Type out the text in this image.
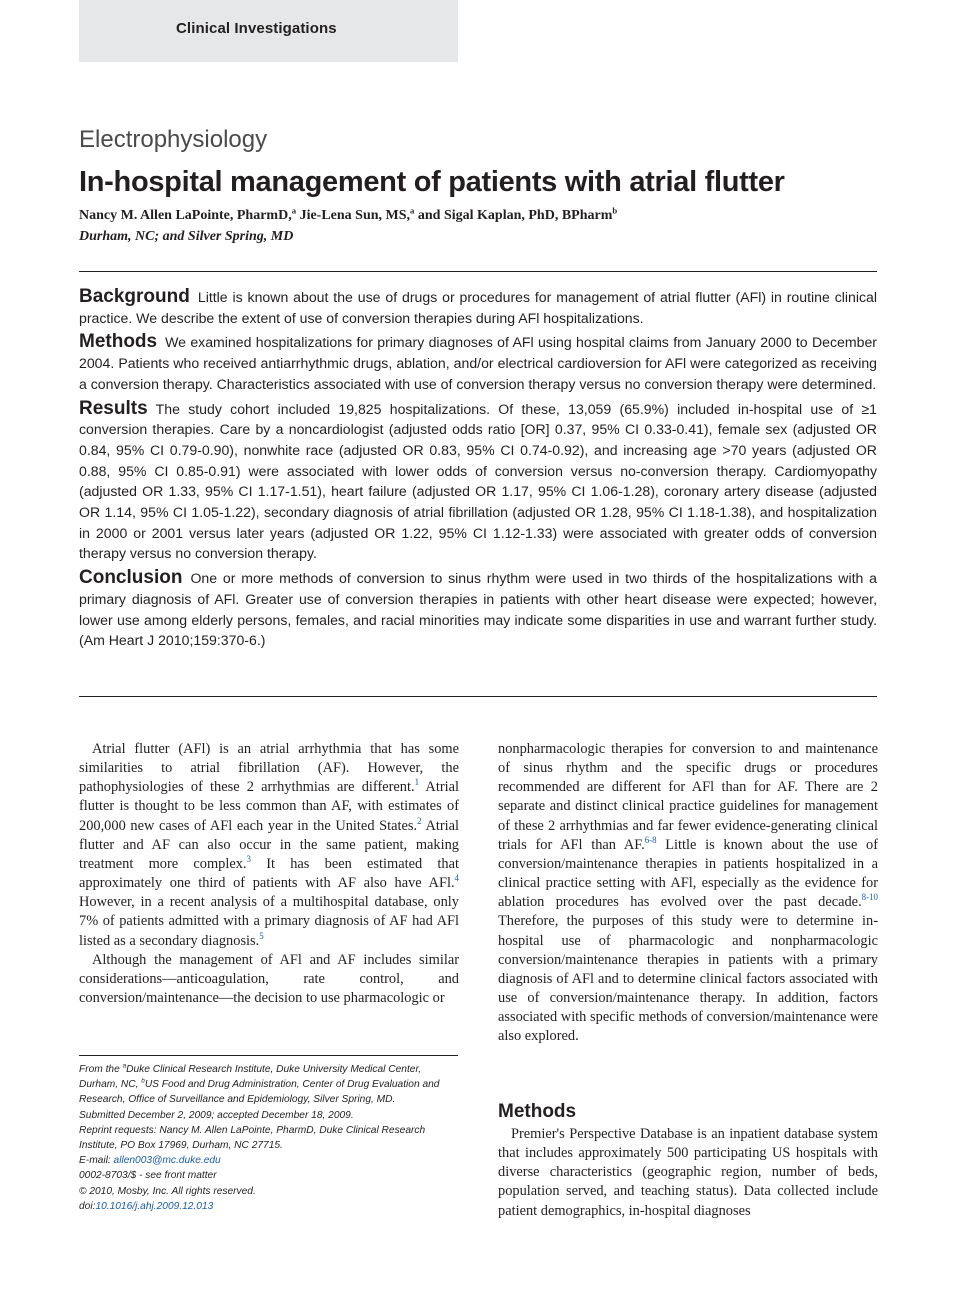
Clinical Investigations
Electrophysiology
In-hospital management of patients with atrial flutter
Nancy M. Allen LaPointe, PharmD,$^a$ Jie-Lena Sun, MS,$^a$ and Sigal Kaplan, PhD, BPharm$^b$
Durham, NC; and Silver Spring, MD

Background Little is known about the use of drugs or procedures for management of atrial flutter (AFl) in routine clinical practice. We describe the extent of use of conversion therapies during AFl hospitalizations.

Methods We examined hospitalizations for primary diagnoses of AFl using hospital claims from January 2000 to December 2004. Patients who received antiarrhythmic drugs, ablation, and/or electrical cardioversion for AFl were categorized as receiving a conversion therapy. Characteristics associated with use of conversion therapy versus no conversion therapy were determined.

Results The study cohort included 19,825 hospitalizations. Of these, 13,059 (65.9%) included in-hospital use of ≥1 conversion therapies. Care by a noncardiologist (adjusted odds ratio [OR] 0.37, 95% CI 0.33-0.41), female sex (adjusted OR 0.84, 95% CI 0.79-0.90), nonwhite race (adjusted OR 0.83, 95% CI 0.74-0.92), and increasing age >70 years (adjusted OR 0.88, 95% CI 0.85-0.91) were associated with lower odds of conversion versus no-conversion therapy. Cardiomyopathy (adjusted OR 1.33, 95% CI 1.17-1.51), heart failure (adjusted OR 1.17, 95% CI 1.06-1.28), coronary artery disease (adjusted OR 1.14, 95% CI 1.05-1.22), secondary diagnosis of atrial fibrillation (adjusted OR 1.28, 95% CI 1.18-1.38), and hospitalization in 2000 or 2001 versus later years (adjusted OR 1.22, 95% CI 1.12-1.33) were associated with greater odds of conversion therapy versus no conversion therapy.

Conclusion One or more methods of conversion to sinus rhythm were used in two thirds of the hospitalizations with a primary diagnosis of AFl. Greater use of conversion therapies in patients with other heart disease were expected; however, lower use among elderly persons, females, and racial minorities may indicate some disparities in use and warrant further study. (Am Heart J 2010;159:370-6.)

Atrial flutter (AFl) is an atrial arrhythmia that has some similarities to atrial fibrillation (AF). However, the pathophysiologies of these 2 arrhythmias are different.$^1$ Atrial flutter is thought to be less common than AF, with estimates of 200,000 new cases of AFl each year in the United States.$^2$ Atrial flutter and AF can also occur in the same patient, making treatment more complex.$^3$ It has been estimated that approximately one third of patients with AF also have AFl.$^4$ However, in a recent analysis of a multihospital database, only 7% of patients admitted with a primary diagnosis of AF had AFl listed as a secondary diagnosis.$^5$

Although the management of AFl and AF includes similar considerations—anticoagulation, rate control, and conversion/maintenance—the decision to use pharmacologic or

From the $^a$Duke Clinical Research Institute, Duke University Medical Center, Durham, NC, $^b$US Food and Drug Administration, Center of Drug Evaluation and Research, Office of Surveillance and Epidemiology, Silver Spring, MD.
Submitted December 2, 2009; accepted December 18, 2009.
Reprint requests: Nancy M. Allen LaPointe, PharmD, Duke Clinical Research Institute, PO Box 17969, Durham, NC 27715.
E-mail: allen003@mc.duke.edu
0002-8703/$ - see front matter
© 2010, Mosby, Inc. All rights reserved.
doi:10.1016/j.ahj.2009.12.013

nonpharmacologic therapies for conversion to and maintenance of sinus rhythm and the specific drugs or procedures recommended are different for AFl than for AF. There are 2 separate and distinct clinical practice guidelines for management of these 2 arrhythmias and far fewer evidence-generating clinical trials for AFl than AF.$^{6-8}$ Little is known about the use of conversion/maintenance therapies in patients hospitalized in a clinical practice setting with AFl, especially as the evidence for ablation procedures has evolved over the past decade.$^{8-10}$ Therefore, the purposes of this study were to determine in-hospital use of pharmacologic and nonpharmacologic conversion/maintenance therapies in patients with a primary diagnosis of AFl and to determine clinical factors associated with use of conversion/maintenance therapy. In addition, factors associated with specific methods of conversion/maintenance were also explored.

Methods
Premier's Perspective Database is an inpatient database system that includes approximately 500 participating US hospitals with diverse characteristics (geographic region, number of beds, population served, and teaching status). Data collected include patient demographics, in-hospital diagnoses
